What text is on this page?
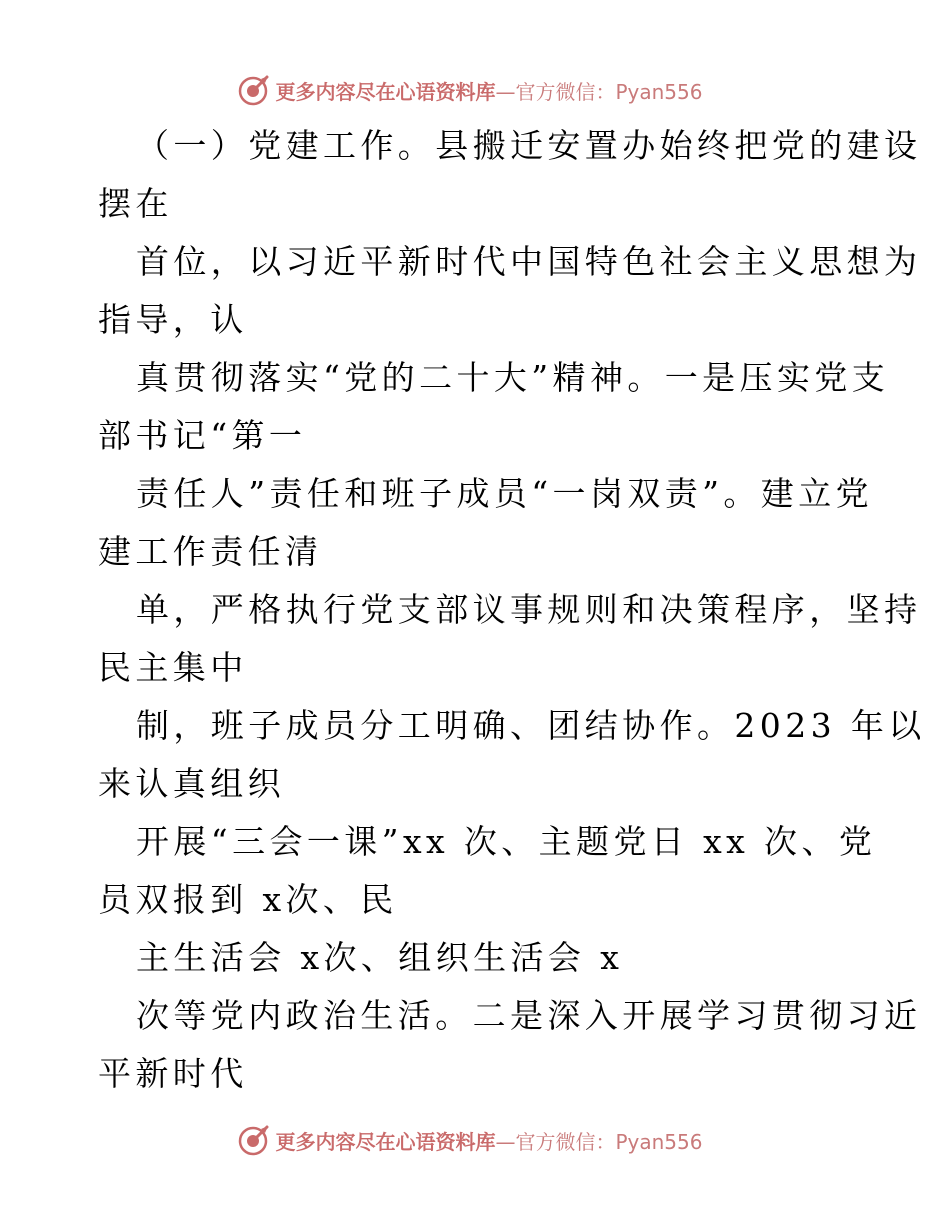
更多内容尽在心语资料库—官方微信：Pyan556
（一）党建工作。县搬迁安置办始终把党的建设
摆在
首位，以习近平新时代中国特色社会主义思想为
指导，认
真贯彻落实“党的二十大”精神。一是压实党支
部书记“第一
责任人”责任和班子成员“一岗双责”。建立党
建工作责任清
单，严格执行党支部议事规则和决策程序，坚持
民主集中
制，班子成员分工明确、团结协作。2023 年以
来认真组织
开展“三会一课”xx 次、主题党日 xx 次、党
员双报到 x次、民
主生活会 x次、组织生活会 x
次等党内政治生活。二是深入开展学习贯彻习近
平新时代
更多内容尽在心语资料库—官方微信：Pyan556
